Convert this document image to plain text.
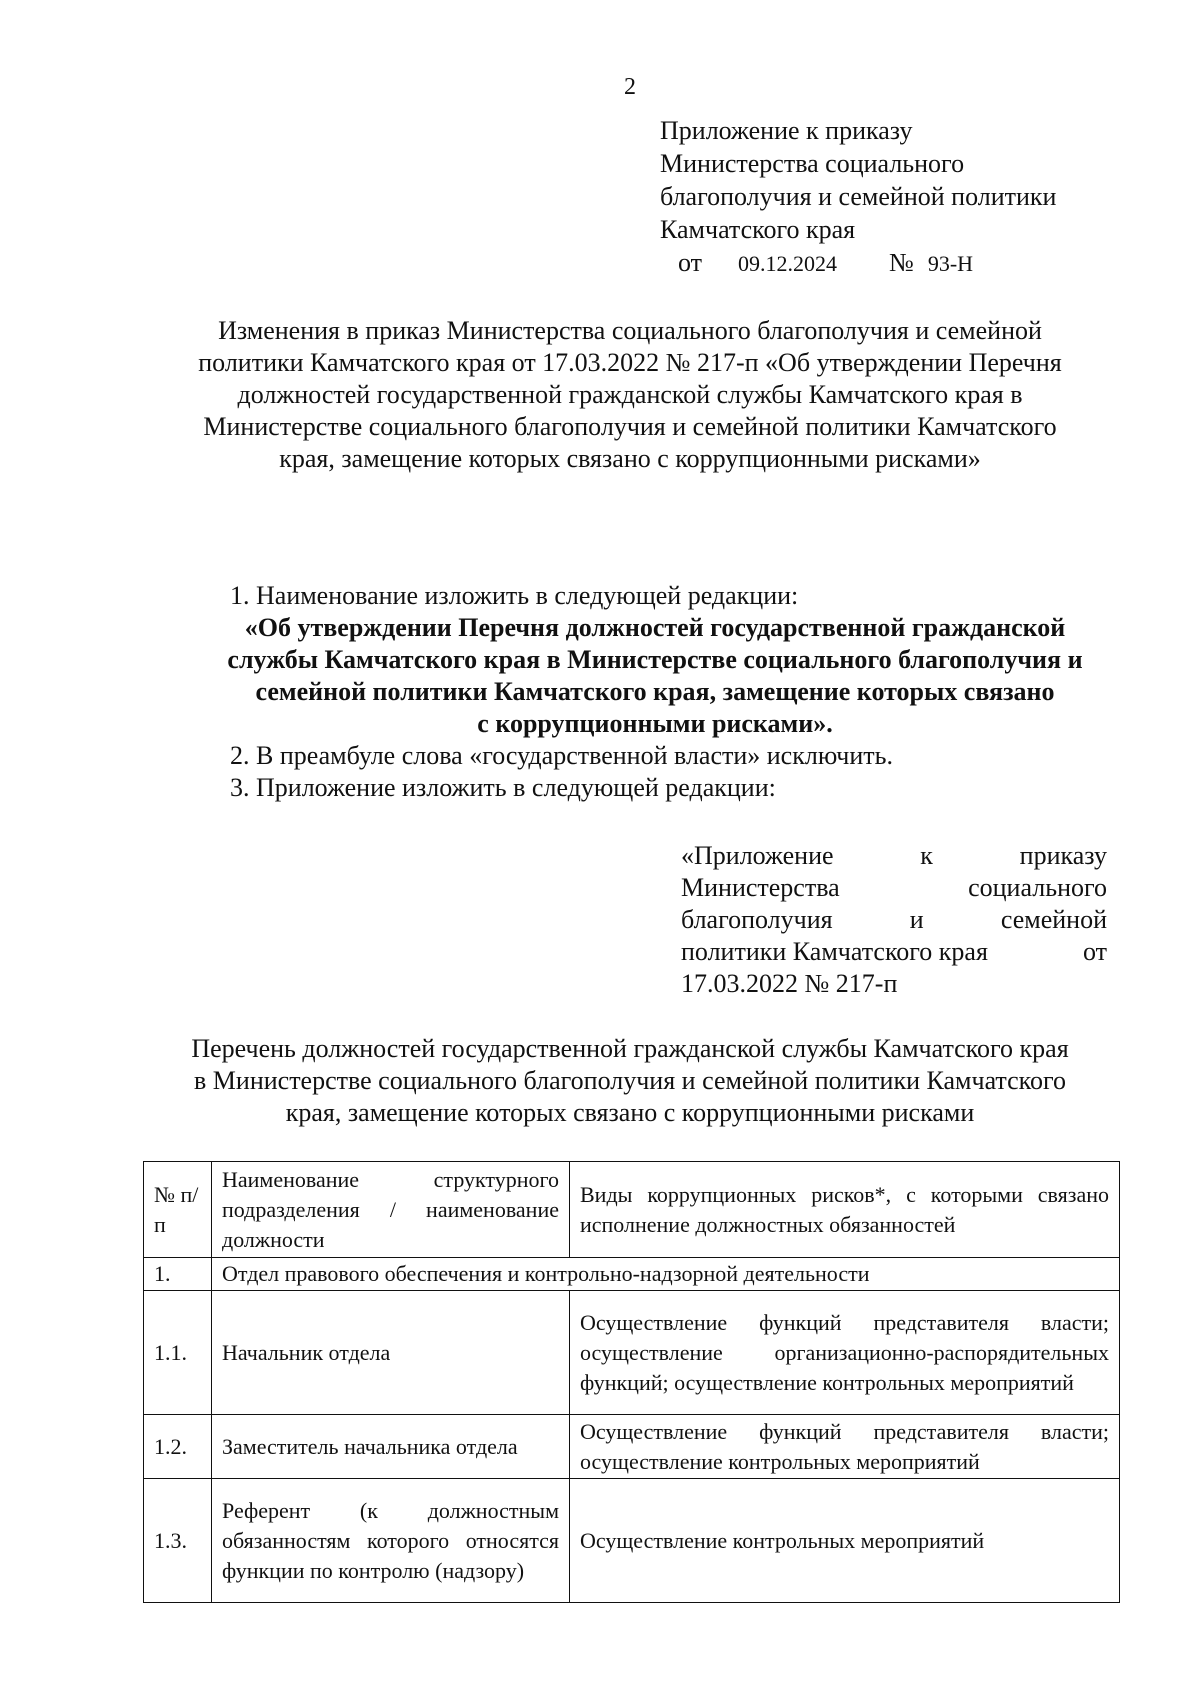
2
Приложение к приказу
Министерства социального
благополучия и семейной политики
Камчатского края
от 09.12.2024 № 93-Н
Изменения в приказ Министерства социального благополучия и семейной
политики Камчатского края от 17.03.2022 № 217-п «Об утверждении Перечня
должностей государственной гражданской службы Камчатского края в
Министерстве социального благополучия и семейной политики Камчатского
края, замещение которых связано с коррупционными рисками»
1. Наименование изложить в следующей редакции:

«Об утверждении Перечня должностей государственной гражданской

службы Камчатского края в Министерстве социального благополучия и

семейной политики Камчатского края, замещение которых связано

с коррупционными рисками».

2. В преамбуле слова «государственной власти» исключить.
3. Приложение изложить в следующей редакции:
«Приложение	к	приказу
Министерства	социального
благополучия	и	семейной
политики Камчатского края	от
17.03.2022 № 217-п
Перечень должностей государственной гражданской службы Камчатского края
в Министерстве социального благополучия и семейной политики Камчатского
края, замещение которых связано с коррупционными рисками
№ п/п	Наименование структурного подразделения / наименование должности	Виды коррупционных рисков*, с которыми связано исполнение должностных обязанностей
1.	Отдел правового обеспечения и контрольно-надзорной деятельности	
1.1.	Начальник отдела	Осуществление функций представителя власти; осуществление организационно-распорядительных функций; осуществление контрольных мероприятий
1.2.	Заместитель начальника отдела	Осуществление функций представителя власти; осуществление контрольных мероприятий
1.3.	Референт (к должностным обязанностям которого относятся функции по контролю (надзору)	Осуществление контрольных мероприятий
